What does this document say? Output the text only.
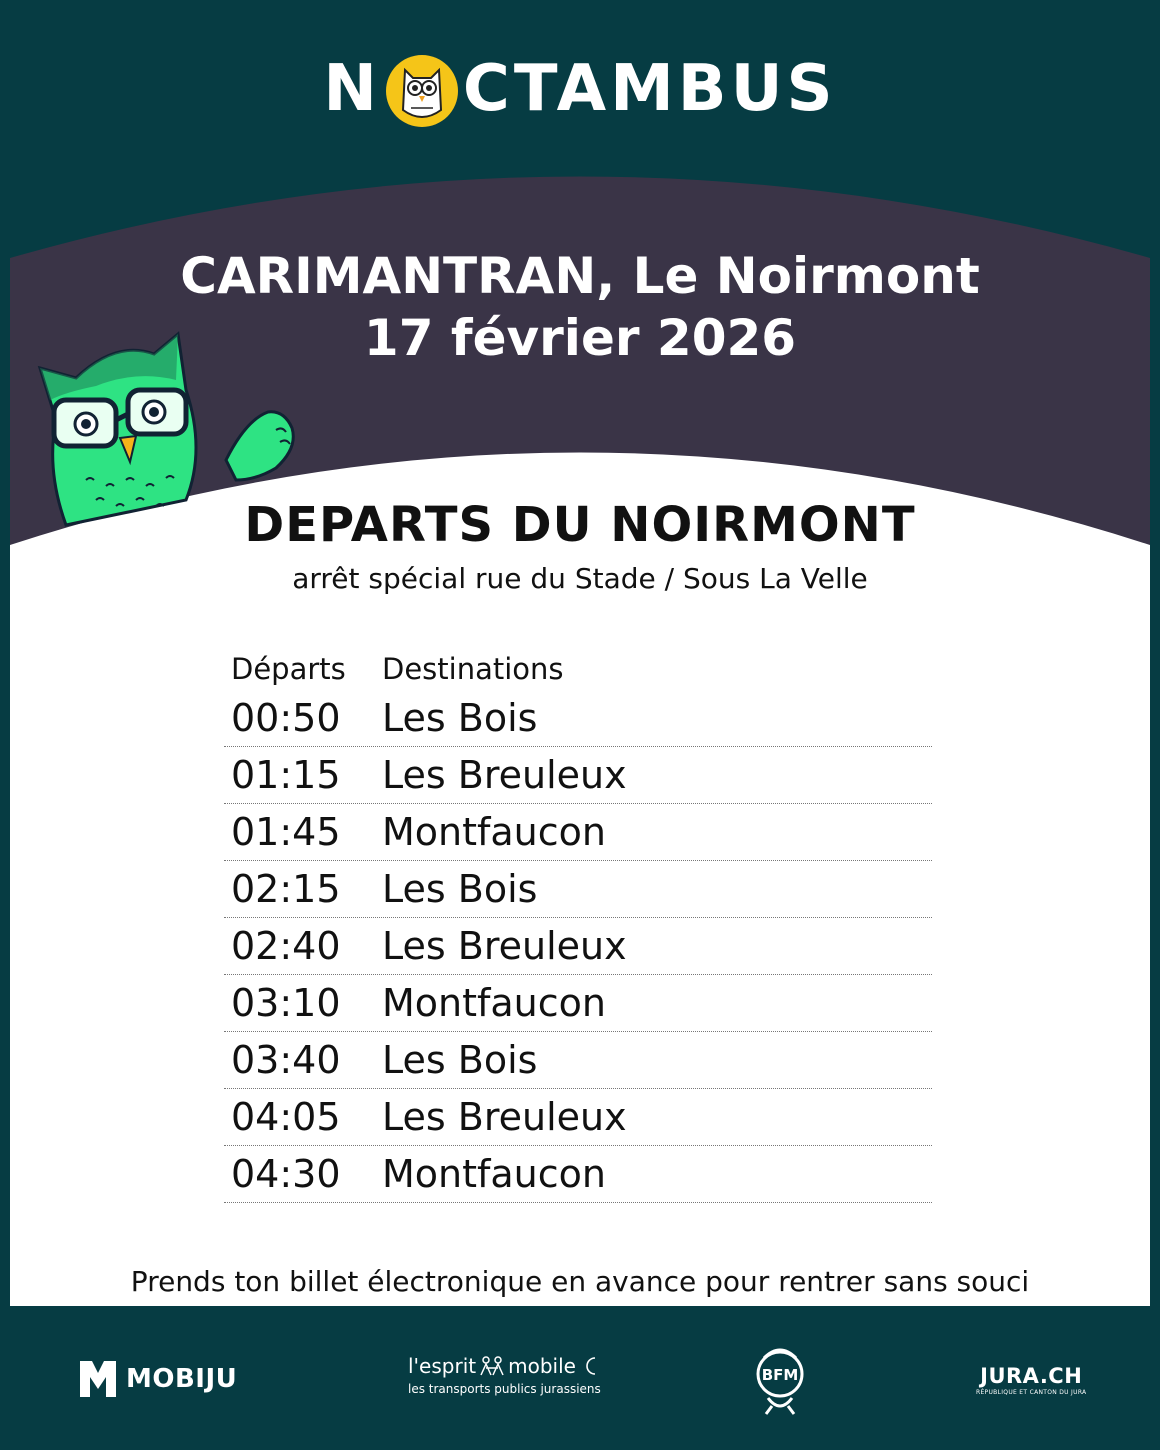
N CTAMBUS
CARIMANTRAN, Le Noirmont
17 février 2026
DEPARTS DU NOIRMONT
arrêt spécial rue du Stade / Sous La Velle
Départs	Destinations
00:50	Les Bois
01:15	Les Breuleux
01:45	Montfaucon
02:15	Les Bois
02:40	Les Breuleux
03:10	Montfaucon
03:40	Les Bois
04:05	Les Breuleux
04:30	Montfaucon
Prends ton billet électronique en avance pour rentrer sans souci
MOBIJU	l'esprit mobile
les transports publics jurassiens
BFM	JURA.CH
RÉPUBLIQUE ET CANTON DU JURA
